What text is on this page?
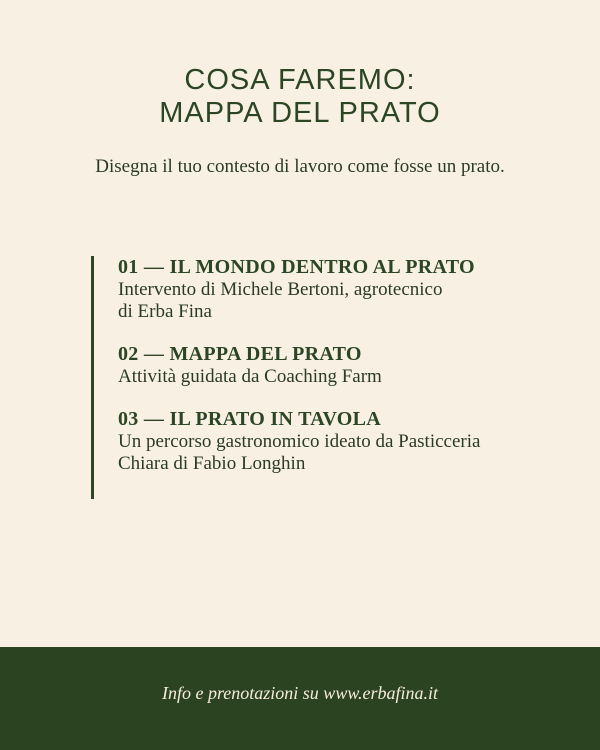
COSA FAREMO:
MAPPA DEL PRATO
Disegna il tuo contesto di lavoro come fosse un prato.
01 — IL MONDO DENTRO AL PRATO
Intervento di Michele Bertoni, agrotecnico
di Erba Fina
02 — MAPPA DEL PRATO
Attività guidata da Coaching Farm
03 — IL PRATO IN TAVOLA
Un percorso gastronomico ideato da Pasticceria
Chiara di Fabio Longhin
Info e prenotazioni su www.erbafina.it
